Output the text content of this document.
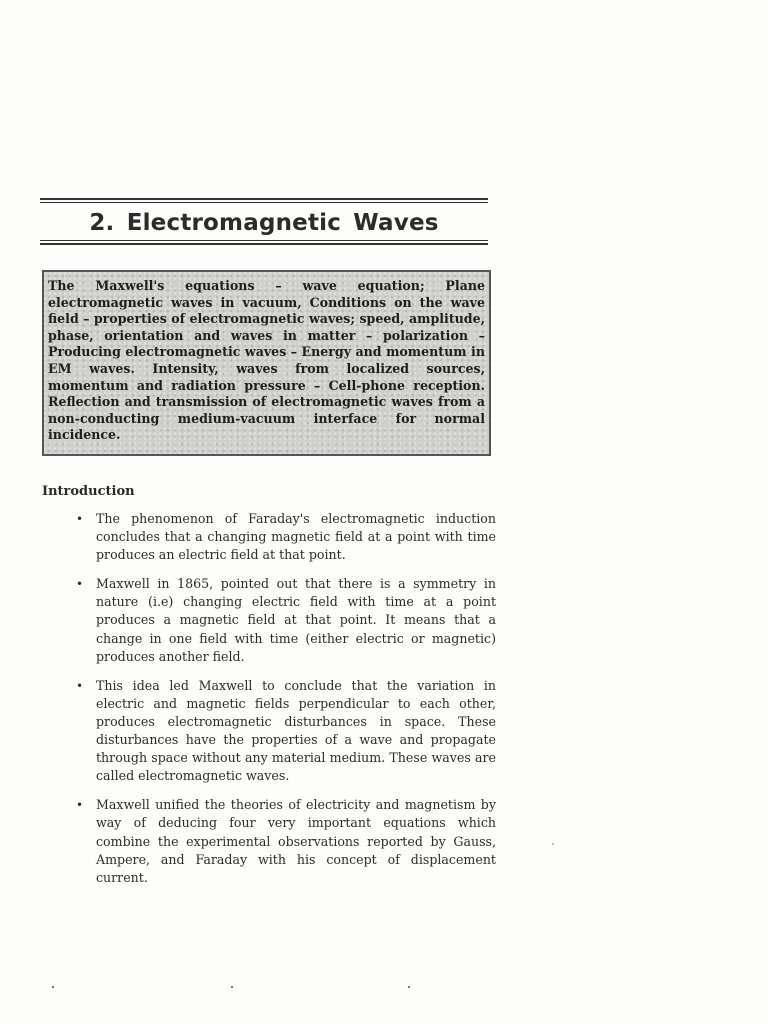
2. Electromagnetic Waves
The Maxwell's equations – wave equation; Plane electromagnetic waves in vacuum, Conditions on the wave field – properties of electromagnetic waves; speed, amplitude, phase, orientation and waves in matter – polarization – Producing electromagnetic waves – Energy and momentum in EM waves. Intensity, waves from localized sources, momentum and radiation pressure – Cell-phone reception. Reflection and transmission of electromagnetic waves from a non-conducting medium-vacuum interface for normal incidence.
Introduction
• The phenomenon of Faraday's electromagnetic induction concludes that a changing magnetic field at a point with time produces an electric field at that point.
• Maxwell in 1865, pointed out that there is a symmetry in nature (i.e) changing electric field with time at a point produces a magnetic field at that point. It means that a change in one field with time (either electric or magnetic) produces another field.
• This idea led Maxwell to conclude that the variation in electric and magnetic fields perpendicular to each other, produces electromagnetic disturbances in space. These disturbances have the properties of a wave and propagate through space without any material medium. These waves are called electromagnetic waves.
• Maxwell unified the theories of electricity and magnetism by way of deducing four very important equations which combine the experimental observations reported by Gauss, Ampere, and Faraday with his concept of displacement current.
